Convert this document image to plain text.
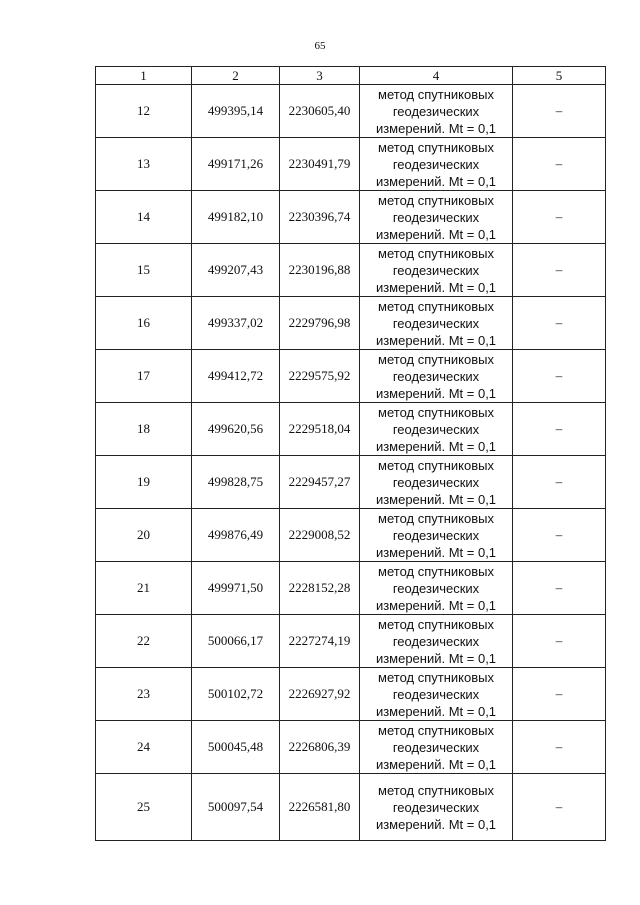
65
1	2	3	4	5
12	499395,14	2230605,40	метод спутниковых
геодезических
измерений. Mt = 0,1	–
13	499171,26	2230491,79	метод спутниковых
геодезических
измерений. Mt = 0,1	–
14	499182,10	2230396,74	метод спутниковых
геодезических
измерений. Mt = 0,1	–
15	499207,43	2230196,88	метод спутниковых
геодезических
измерений. Mt = 0,1	–
16	499337,02	2229796,98	метод спутниковых
геодезических
измерений. Mt = 0,1	–
17	499412,72	2229575,92	метод спутниковых
геодезических
измерений. Mt = 0,1	–
18	499620,56	2229518,04	метод спутниковых
геодезических
измерений. Mt = 0,1	–
19	499828,75	2229457,27	метод спутниковых
геодезических
измерений. Mt = 0,1	–
20	499876,49	2229008,52	метод спутниковых
геодезических
измерений. Mt = 0,1	–
21	499971,50	2228152,28	метод спутниковых
геодезических
измерений. Mt = 0,1	–
22	500066,17	2227274,19	метод спутниковых
геодезических
измерений. Mt = 0,1	–
23	500102,72	2226927,92	метод спутниковых
геодезических
измерений. Mt = 0,1	–
24	500045,48	2226806,39	метод спутниковых
геодезических
измерений. Mt = 0,1	–
25	500097,54	2226581,80	метод спутниковых
геодезических
измерений. Mt = 0,1	–
